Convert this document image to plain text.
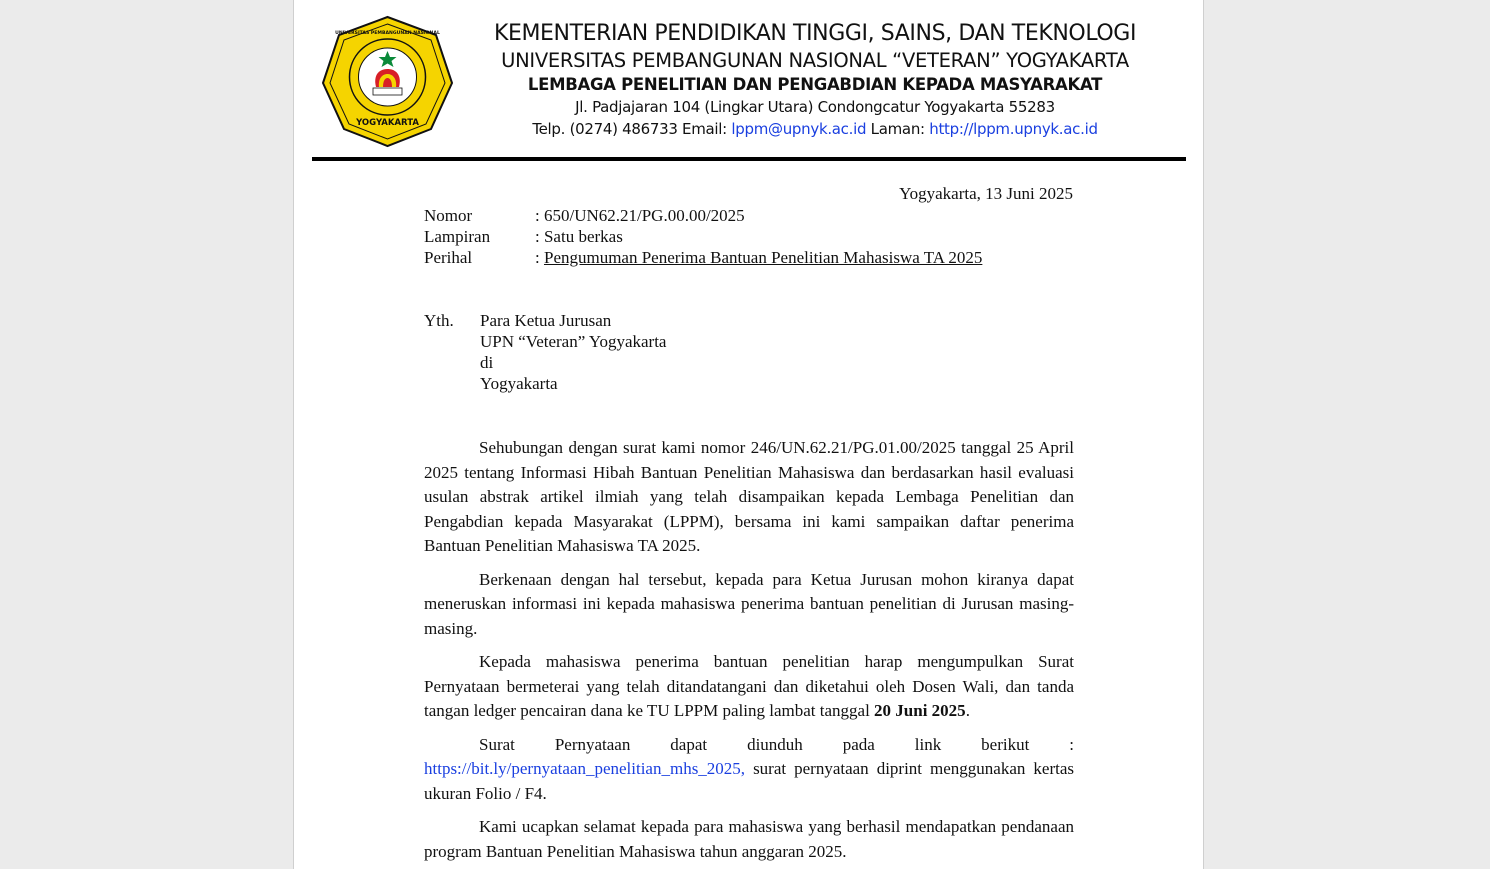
YOGYAKARTA
UNIVERSITAS PEMBANGUNAN NASIONAL	KEMENTERIAN PENDIDIKAN TINGGI, SAINS, DAN TEKNOLOGI
UNIVERSITAS PEMBANGUNAN NASIONAL “VETERAN” YOGYAKARTA
LEMBAGA PENELITIAN DAN PENGABDIAN KEPADA MASYARAKAT
Jl. Padjajaran 104 (Lingkar Utara) Condongcatur Yogyakarta 55283
Telp. (0274) 486733 Email: lppm@upnyk.ac.id Laman: http://lppm.upnyk.ac.id
Yogyakarta, 13 Juni 2025
Nomor	: 650/UN62.21/PG.00.00/2025
Lampiran	: Satu berkas
Perihal	: Pengumuman Penerima Bantuan Penelitian Mahasiswa TA 2025
Yth.	Para Ketua Jurusan
UPN “Veteran” Yogyakarta
di
Yogyakarta

Sehubungan dengan surat kami nomor 246/UN.62.21/PG.01.00/2025 tanggal 25 April 2025 tentang Informasi Hibah Bantuan Penelitian Mahasiswa dan berdasarkan hasil evaluasi usulan abstrak artikel ilmiah yang telah disampaikan kepada Lembaga Penelitian dan Pengabdian kepada Masyarakat (LPPM), bersama ini kami sampaikan daftar penerima Bantuan Penelitian Mahasiswa TA 2025.

Berkenaan dengan hal tersebut, kepada para Ketua Jurusan mohon kiranya dapat meneruskan informasi ini kepada mahasiswa penerima bantuan penelitian di Jurusan masing-masing.

Kepada mahasiswa penerima bantuan penelitian harap mengumpulkan Surat Pernyataan bermeterai yang telah ditandatangani dan diketahui oleh Dosen Wali, dan tanda tangan ledger pencairan dana ke TU LPPM paling lambat tanggal 20 Juni 2025.

Surat Pernyataan dapat diunduh pada link berikut : https://bit.ly/pernyataan_penelitian_mhs_2025, surat pernyataan diprint menggunakan kertas ukuran Folio / F4.

Kami ucapkan selamat kepada para mahasiswa yang berhasil mendapatkan pendanaan program Bantuan Penelitian Mahasiswa tahun anggaran 2025.
